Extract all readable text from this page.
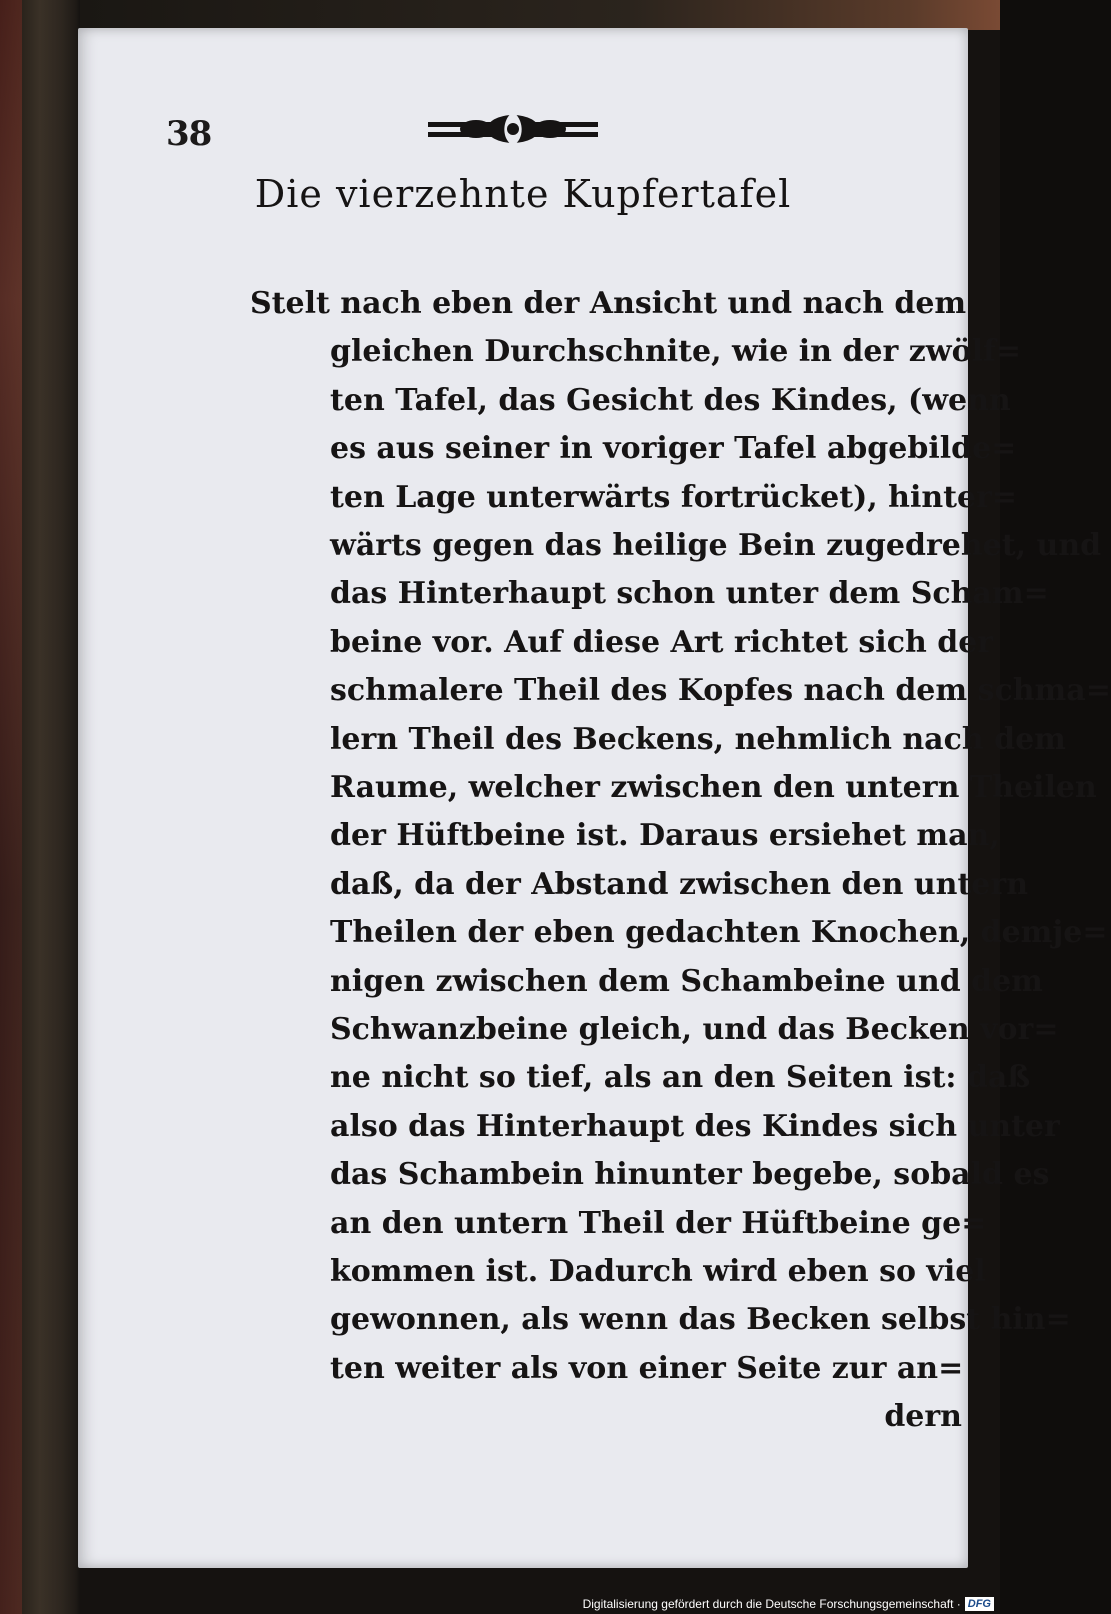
38
Die vierzehnte Kupfertafel
Stelt nach eben der Ansicht und nach dem
gleichen Durchschnite, wie in der zwölf=
ten Tafel, das Gesicht des Kindes, (wenn
es aus seiner in voriger Tafel abgebilde=
ten Lage unterwärts fortrücket), hinter=
wärts gegen das heilige Bein zugedrehet, und
das Hinterhaupt schon unter dem Scham=
beine vor. Auf diese Art richtet sich der
schmalere Theil des Kopfes nach dem schma=
lern Theil des Beckens, nehmlich nach dem
Raume, welcher zwischen den untern Theilen
der Hüftbeine ist. Daraus ersiehet man,
daß, da der Abstand zwischen den untern
Theilen der eben gedachten Knochen, demje=
nigen zwischen dem Schambeine und dem
Schwanzbeine gleich, und das Becken vor=
ne nicht so tief, als an den Seiten ist: daß
also das Hinterhaupt des Kindes sich unter
das Schambein hinunter begebe, sobald es
an den untern Theil der Hüftbeine ge=
kommen ist. Dadurch wird eben so viel
gewonnen, als wenn das Becken selbst hin=
ten weiter als von einer Seite zur an=
dern
Digitalisierung gefördert durch die Deutsche Forschungsgemeinschaft · DFG
